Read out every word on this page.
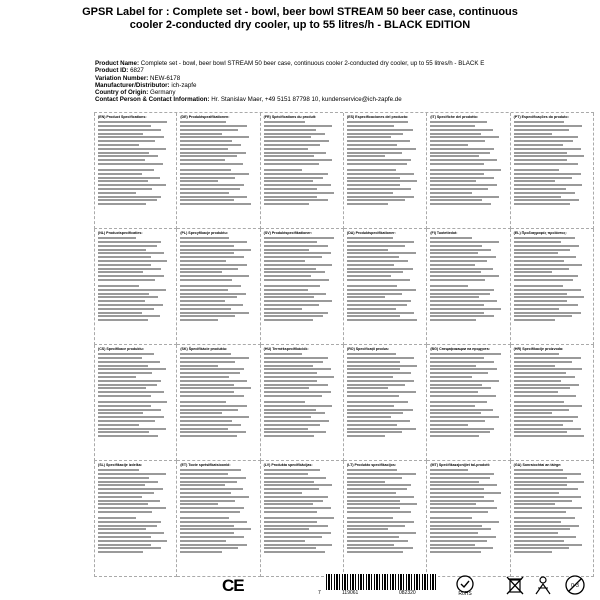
GPSR Label for : Complete set - bowl, beer bowl STREAM 50 beer case, continuous cooler 2-conducted dry cooler, up to 55 litres/h - BLACK EDITION
Product Name: Complete set - bowl, beer bowl STREAM 50 beer case, continuous cooler 2-conducted dry cooler, up to 55 litres/h - BLACK E
Product ID: 6827
Variation Number: NEW-6178
Manufacturer/Distributor: ich-zapfe
Country of Origin: Germany
Contact Person & Contact Information: Hr. Stanislav Maer, +49 5151 87798 10, kundenservice@ich-zapfe.de
(EN) Product Specifications:	(DE) Produktspezifikationen:	(FR) Spécifications du produit:	(ES) Especificaciones del producto:	(IT) Specifiche del prodotto:	(PT) Especificações do produto:
(NL) Productspecificaties:	(PL) Specyfikacje produktu:	(SV) Produktspecifikationer:	(DA) Produktspecifikationer:	(FI) Tuotetiedot:	(EL) Προδιαγραφές προϊόντος:
(CS) Specifikace produktu:	(SK) Špecifikácie produktu:	(HU) Termékspecifikációk:	(RO) Specificații produs:	(BG) Спецификации на продукта:	(HR) Specifikacije proizvoda:
(SL) Specifikacije izdelka:	(ET) Toote spetsifikatsioonid:	(LV) Produkta specifikācijas:	(LT) Produkto specifikacijos:	(MT) Speċifikazzjonijiet tal-prodott:	(GA) Sonraíochtaí an táirge:
CE	7	119061	082320	RoHS
0-3
